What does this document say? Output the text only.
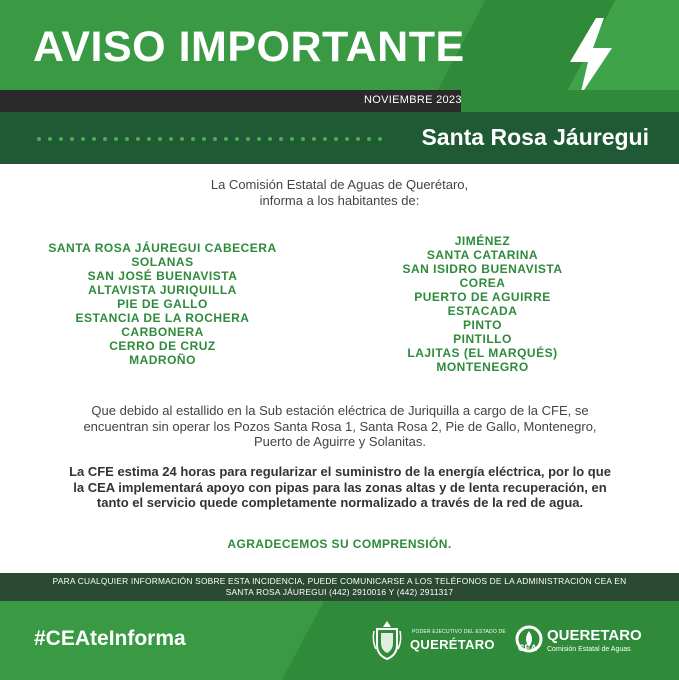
AVISO IMPORTANTE
NOVIEMBRE 2023
Santa Rosa Jáuregui
La Comisión Estatal de Aguas de Querétaro,
informa a los habitantes de:
SANTA ROSA JÁUREGUI CABECERA
SOLANAS
SAN JOSÉ BUENAVISTA
ALTAVISTA JURIQUILLA
PIE DE GALLO
ESTANCIA DE LA ROCHERA
CARBONERA
CERRO DE CRUZ
MADROÑO
JIMÉNEZ
SANTA CATARINA
SAN ISIDRO BUENAVISTA
COREA
PUERTO DE AGUIRRE
ESTACADA
PINTO
PINTILLO
LAJITAS (EL MARQUÉS)
MONTENEGRO
Que debido al estallido en la Sub estación eléctrica de Juriquilla a cargo de la CFE, se
encuentran sin operar los Pozos Santa Rosa 1, Santa Rosa 2, Pie de Gallo, Montenegro,
Puerto de Aguirre y Solanitas.
La CFE estima 24 horas para regularizar el suministro de la energía eléctrica, por lo que
la CEA implementará apoyo con pipas para las zonas altas y de lenta recuperación, en
tanto el servicio quede completamente normalizado a través de la red de agua.
AGRADECEMOS SU COMPRENSIÓN.
PARA CUALQUIER INFORMACIÓN SOBRE ESTA INCIDENCIA, PUEDE COMUNICARSE A LOS TELÉFONOS DE LA ADMINISTRACIÓN CEA EN
SANTA ROSA JÁUREGUI (442) 2910016 Y (442) 2911317
#CEAteInforma	PODER EJECUTIVO DEL ESTADO DE
QUERÉTARO	CEA
QUERETARO
Comisión Estatal de Aguas
